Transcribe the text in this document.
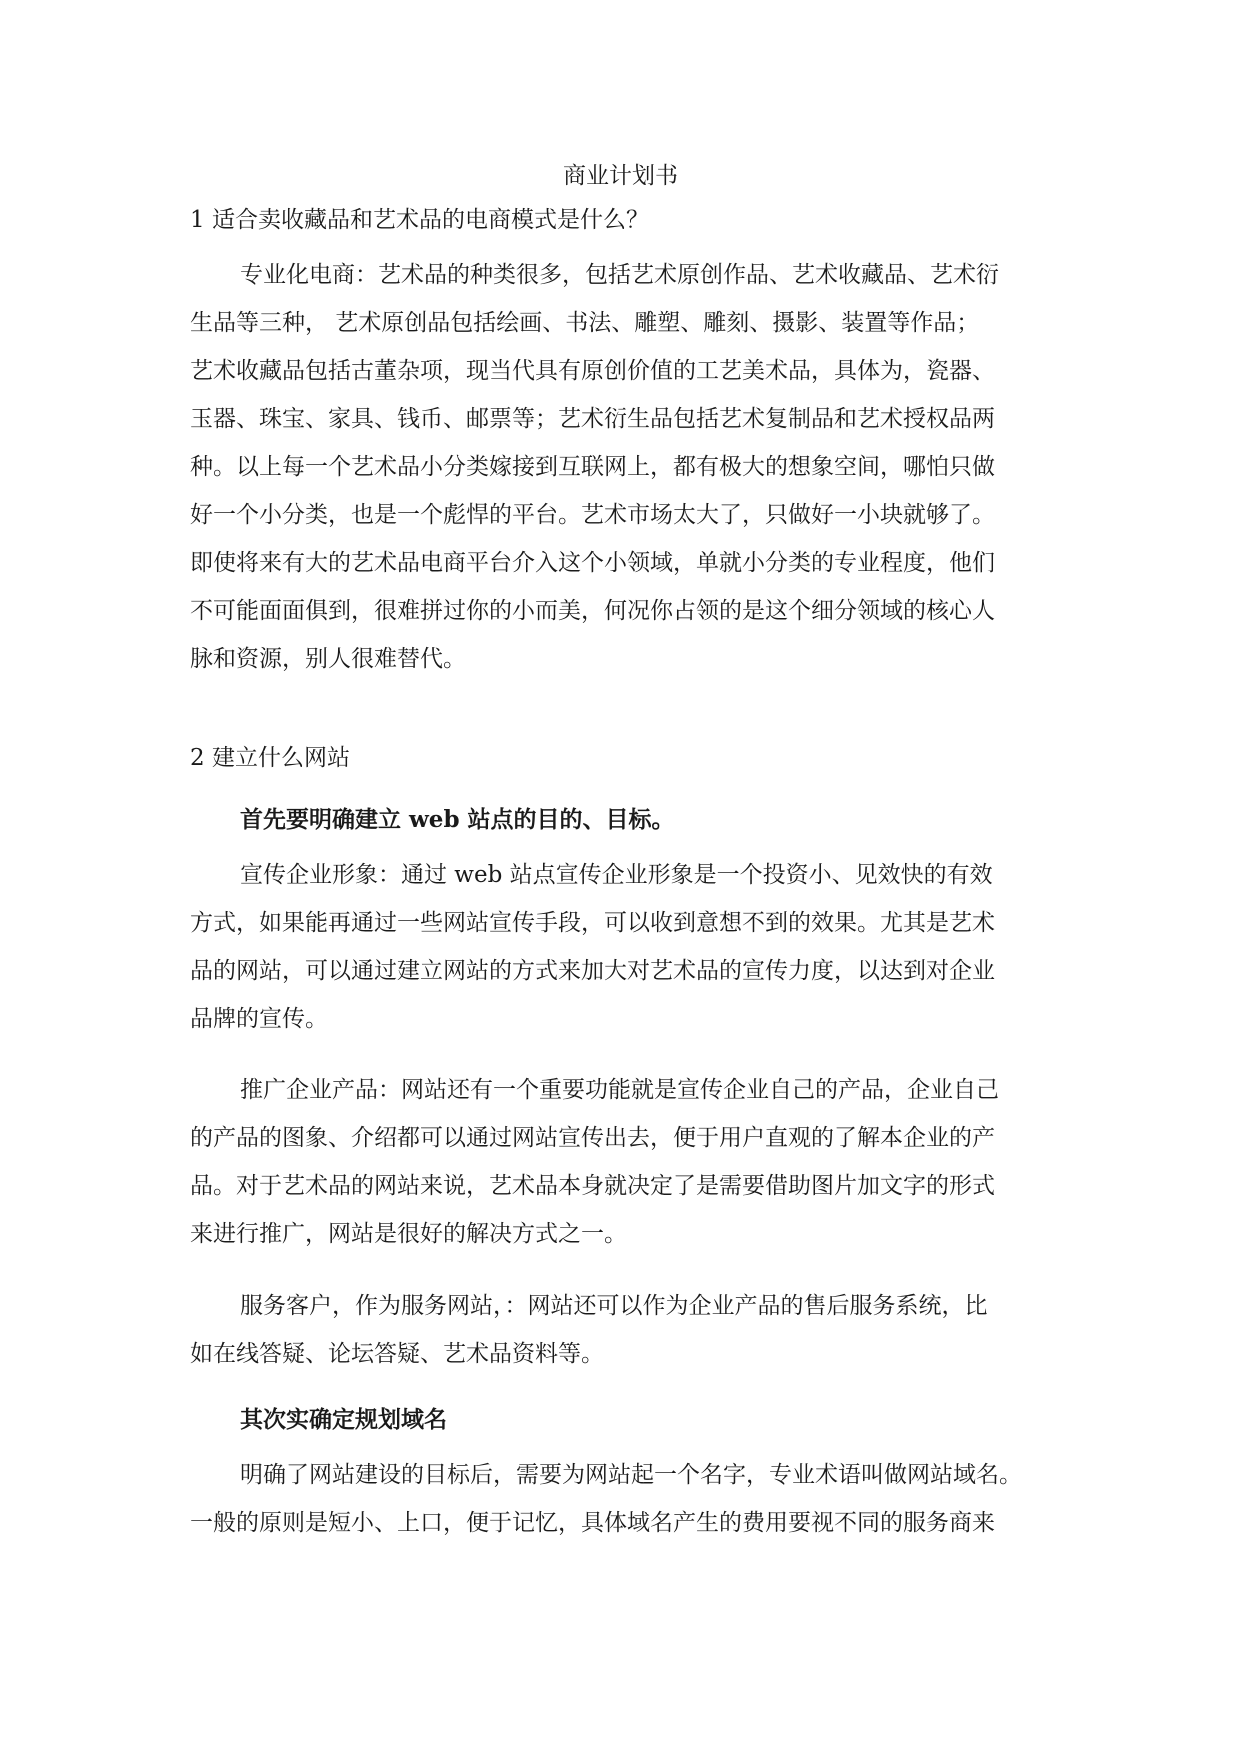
商业计划书
1 适合卖收藏品和艺术品的电商模式是什么？
专业化电商：艺术品的种类很多，包括艺术原创作品、艺术收藏品、艺术衍
生品等三种， 艺术原创品包括绘画、书法、雕塑、雕刻、摄影、装置等作品；
艺术收藏品包括古董杂项，现当代具有原创价值的工艺美术品，具体为，瓷器、
玉器、珠宝、家具、钱币、邮票等；艺术衍生品包括艺术复制品和艺术授权品两
种。以上每一个艺术品小分类嫁接到互联网上，都有极大的想象空间，哪怕只做
好一个小分类，也是一个彪悍的平台。艺术市场太大了，只做好一小块就够了。
即使将来有大的艺术品电商平台介入这个小领域，单就小分类的专业程度，他们
不可能面面俱到，很难拼过你的小而美，何况你占领的是这个细分领域的核心人
脉和资源，别人很难替代。
2 建立什么网站
首先要明确建立 web 站点的目的、目标。
宣传企业形象：通过 web 站点宣传企业形象是一个投资小、见效快的有效
方式，如果能再通过一些网站宣传手段，可以收到意想不到的效果。尤其是艺术
品的网站，可以通过建立网站的方式来加大对艺术品的宣传力度，以达到对企业
品牌的宣传。
推广企业产品：网站还有一个重要功能就是宣传企业自己的产品，企业自己
的产品的图象、介绍都可以通过网站宣传出去，便于用户直观的了解本企业的产
品。对于艺术品的网站来说，艺术品本身就决定了是需要借助图片加文字的形式
来进行推广，网站是很好的解决方式之一。
服务客户，作为服务网站，：网站还可以作为企业产品的售后服务系统，比
如在线答疑、论坛答疑、艺术品资料等。
其次实确定规划域名
明确了网站建设的目标后，需要为网站起一个名字，专业术语叫做网站域名。
一般的原则是短小、上口，便于记忆，具体域名产生的费用要视不同的服务商来
